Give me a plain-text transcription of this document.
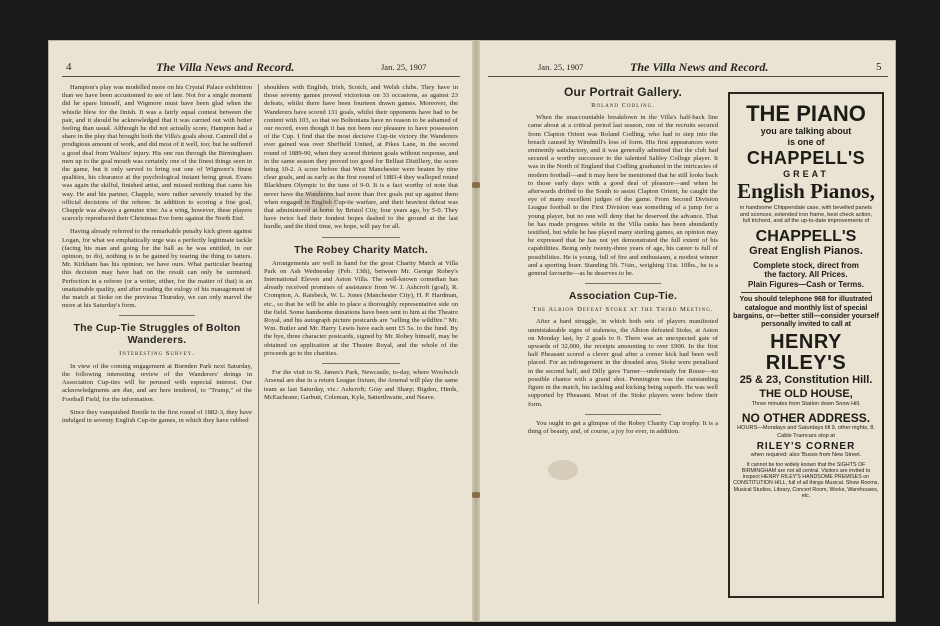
4	The Villa News and Record.	Jan. 25, 1907

Hampton's play was modelled more on his Crystal Palace exhibition than we have been accustomed to see of late. Not for a single moment did he spare himself, and Wigmore must have been glad when the whistle blew for the finish. It was a fairly equal contest between the pair, and it should be acknowledged that it was carried out with better feeling than usual. Although he did not actually score, Hampton had a share in the play that brought both the Villa's goals about. Cantrell did a prodigious amount of work, and did most of it well, too; but he suffered a good deal from Walters' injury. His one run through the Birmingham men up to the goal mouth was certainly one of the finest things seen in the game, but it only served to bring out one of Wigmore's finest qualities, his clearance at the psychological instant being great. Evans was again the skilful, finished artist, and missed nothing that came his way. He and his partner, Chapple, were rather severely treated by the official decisions of the referee. In addition to scoring a fine goal, Chapple was always a genuine trier. As a wing, however, these players scarcely reproduced their Christmas Eve form against the North End.

Having already referred to the remarkable penalty kick given against Logan, for what we emphatically urge was a perfectly legitimate tackle (facing his man and going for the ball as he was entitled, in our opinion, to do), nothing is to be gained by tearing the thing to tatters. Mr. Kirkham has his opinion; we have ours. What particular bearing this decision may have had on the result can only be surmised. Perfection in a referee (or a writer, either, for the matter of that) is an unattainable quality, and after reading the eulogy of his management of the match at Stoke on the previous Thursday, we can only marvel the more at his Saturday's form.

The Cup-Tie Struggles of Bolton Wanderers.
Interesting Survey.

In view of the coming engagement at Burnden Park next Saturday, the following interesting review of the Wanderers' doings in Association Cup-ties will be perused with especial interest. Our acknowledgments are due, and are here tendered, to "Trump," of the Football Field, for the information.

Since they vanquished Bootle in the first round of 1882-3, they have indulged in seventy English Cup-tie games, in which they have rubbed

shoulders with English, Irish, Scotch, and Welsh clubs. They have in those seventy games proved victorious on 33 occasions, as against 23 defeats, whilst there have been fourteen drawn games. Moreover, the Wanderers have scored 131 goals, whilst their opponents have had to be content with 103, so that we Boltonians have no reason to be ashamed of our record, even though it has not been our pleasure to have possession of the Cup. I find that the most decisive Cup-tie victory the Wanderers ever gained was over Sheffield United, at Pikes Lane, in the second round of 1889-90, when they scored thirteen goals without response, and in the same season they proved too good for Belfast Distillery, the score being 10-2. A score before that West Manchester were beaten by nine clear goals, and as early as the first round of 1883-4 they walloped round Blackburn Olympic to the tune of 9-0. It is a fact worthy of note that never have the Wanderers had more than five goals put up against them when engaged in English Cup-tie warfare, and their heaviest defeat was that administered at home by Bristol City, four years ago, by 5-0. They have twice had their fondest hopes dashed to the ground at the last hurdle, and the third time, we hope, will pay for all.

The Robey Charity Match.

Arrangements are well in hand for the great Charity Match at Villa Park on Ash Wednesday (Feb. 13th), between Mr. George Robey's International Eleven and Aston Villa. The well-known comedian has already received promises of assistance from W. J. Ashcroft (goal), R. Crompton, A. Raisbeck, W. L. Jones (Manchester City), H. P. Hardman, etc., so that he will be able to place a thoroughly representative side on the field. Some handsome donations have been sent to him at the Theatre Royal, and his autograph picture postcards are "selling the wildfire." Mr. Wm. Butler and Mr. Harry Lewis have each sent £5 5s. to the fund. By the bye, three character postcards, signed by Mr. Robey himself, may be obtained on application at the Theatre Royal, and the whole of the proceeds go to the charities.

For the visit to St. James's Park, Newcastle, to-day, where Woolwich Arsenal are due in a return League fixture, the Arsenal will play the same team as last Saturday, viz.: Ashcroft; Gray and Sharp; Bigden, Hinds, McEachrane; Garbutt, Coleman, Kyle, Satterthwaite, and Neave.

Jan. 25, 1907	The Villa News and Record.	5
Our Portrait Gallery.
Roland Codling.

When the unaccountable breakdown in the Villa's half-back line came about at a critical period last season, one of the recruits secured from Clapton Orient was Roland Codling, who had to step into the breach caused by Windmill's loss of form. His first appearances were eminently satisfactory, and it was generally admitted that the club had secured a worthy successor to the talented Saltley College player. It was in the North of England that Codling graduated in the intricacies of modern football—and it may here be mentioned that he still looks back to those early days with a good deal of pleasure—and when he afterwards drifted to the South to assist Clapton Orient, he caught the eye of many excellent judges of the game. From Second Division League football to the First Division was something of a jump for a young player, but no one will deny that he deserved the advance. That he has made progress while in the Villa ranks has been abundantly testified, but while he has played many sterling games, an opinion may be expressed that he has not yet demonstrated the full extent of his capabilities. Being only twenty-three years of age, his career is full of possibilities. He is young, full of fire and enthusiasm, a modest winner and a sporting loser. Standing 5ft. 7¼in., weighing 11st. 10lbs., he is a general favourite—as he deserves to be.

Association Cup-Tie.
The Albion Defeat Stoke at the Third Meeting.

After a hard struggle, in which both sets of players manifested unmistakeable signs of staleness, the Albion defeated Stoke, at Aston on Monday last, by 2 goals to 0. There was an unexpected gate of upwards of 32,000, the receipts amounting to over £900. In the first half Pheasant scored a clever goal after a corner kick had been well placed. For an infringement in the dreaded area, Stoke were penalised in the second half, and Dilly gave Turner—understudy for Rouse—no possible chance with a grand shot. Pennington was the outstanding figure in the match, his tackling and kicking being superb. He was well supported by Pheasant. Most of the Stoke players were below their form.

You ought to get a glimpse of the Robey Charity Cup trophy. It is a thing of beauty, and, of course, a joy for ever, in addition.

THE PIANO
you are talking about
is one of
CHAPPELL'S
GREAT
English Pianos,
in handsome Chippendale case, with bevelled panels and sconces, extended iron frame, best check action, full trichord, and all the up-to-date improvements of
CHAPPELL'S
Great English Pianos.
Complete stock, direct from
the factory. All Prices.
Plain Figures—Cash or Terms.
You should telephone 968 for illustrated catalogue and monthly list of special bargains, or—better still—consider yourself personally invited to call at
HENRY RILEY'S
25 & 23, Constitution Hill.
THE OLD HOUSE,
Three minutes from Station down Snow Hill.
NO OTHER ADDRESS.
HOURS—Mondays and Saturdays till 9, other nights, 8.
Cable Tramcars stop at
RILEY'S CORNER
when required: also 'Buses from New Street.
It cannot be too widely known that the SIGHTS OF BIRMINGHAM are not all central. Visitors are invited to inspect HENRY RILEY'S HANDSOME PREMISES on CONSTITUTION HILL, full of all things Musical. Show Rooms, Musical Studios, Library, Concert Room, Works, Warehouses, etc.
